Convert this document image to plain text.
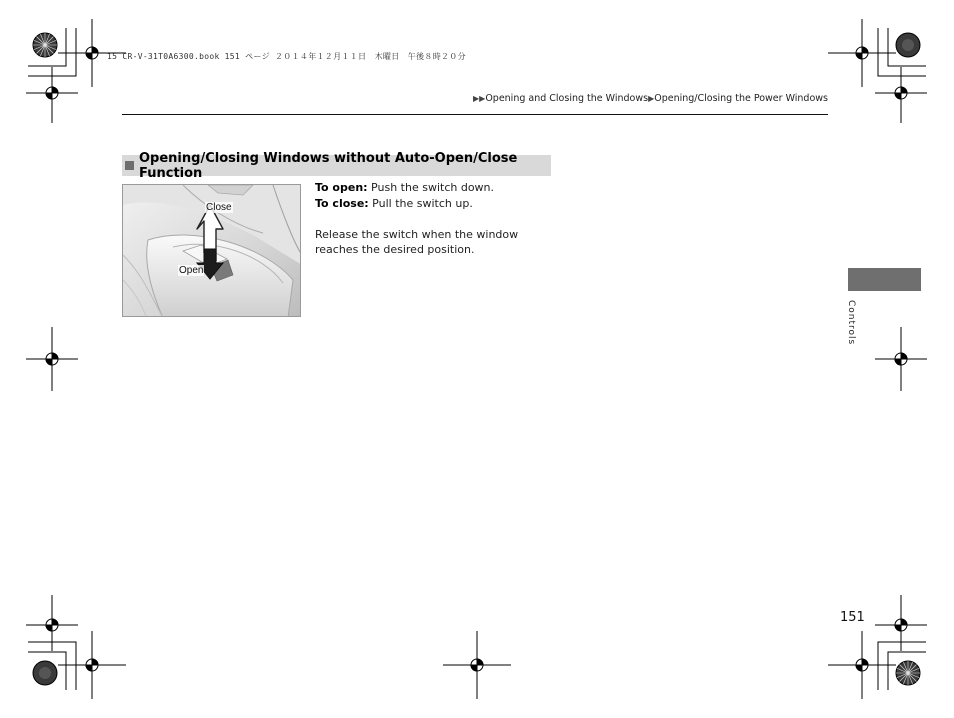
15 CR-V-31T0A6300.book 151 ページ ２０１４年１２月１１日　木曜日　午後８時２０分
▶▶Opening and Closing the Windows▶Opening/Closing the Power Windows
Opening/Closing Windows without Auto-Open/Close Function
Close
Open

To open: Push the switch down.

To close: Pull the switch up.

Release the switch when the window reaches the desired position.

Controls
151
